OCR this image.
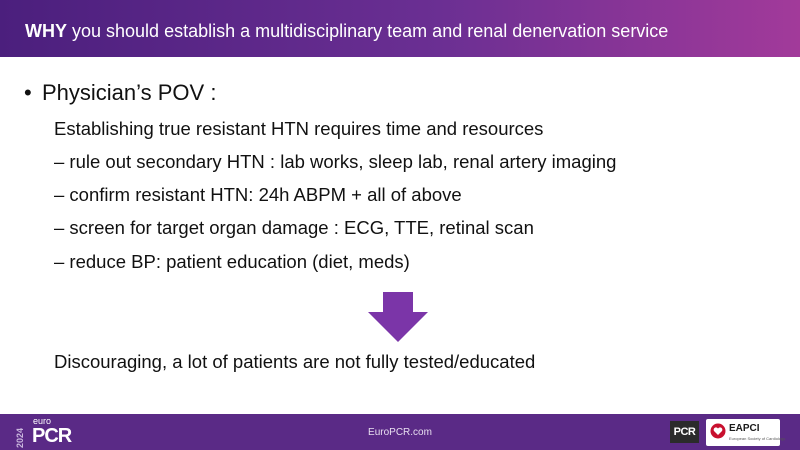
WHY you should establish a multidisciplinary team and renal denervation service
• Physician’s POV :
Establishing true resistant HTN requires time and resources
– rule out secondary HTN : lab works, sleep lab, renal artery imaging
– confirm resistant HTN: 24h ABPM + all of above
– screen for target organ damage : ECG, TTE, retinal scan
– reduce BP: patient education (diet, meds)
Discouraging, a lot of patients are not fully tested/educated
2024
euro
PCR	EuroPCR.com	PCR	EAPCI
European Society of Cardiology
